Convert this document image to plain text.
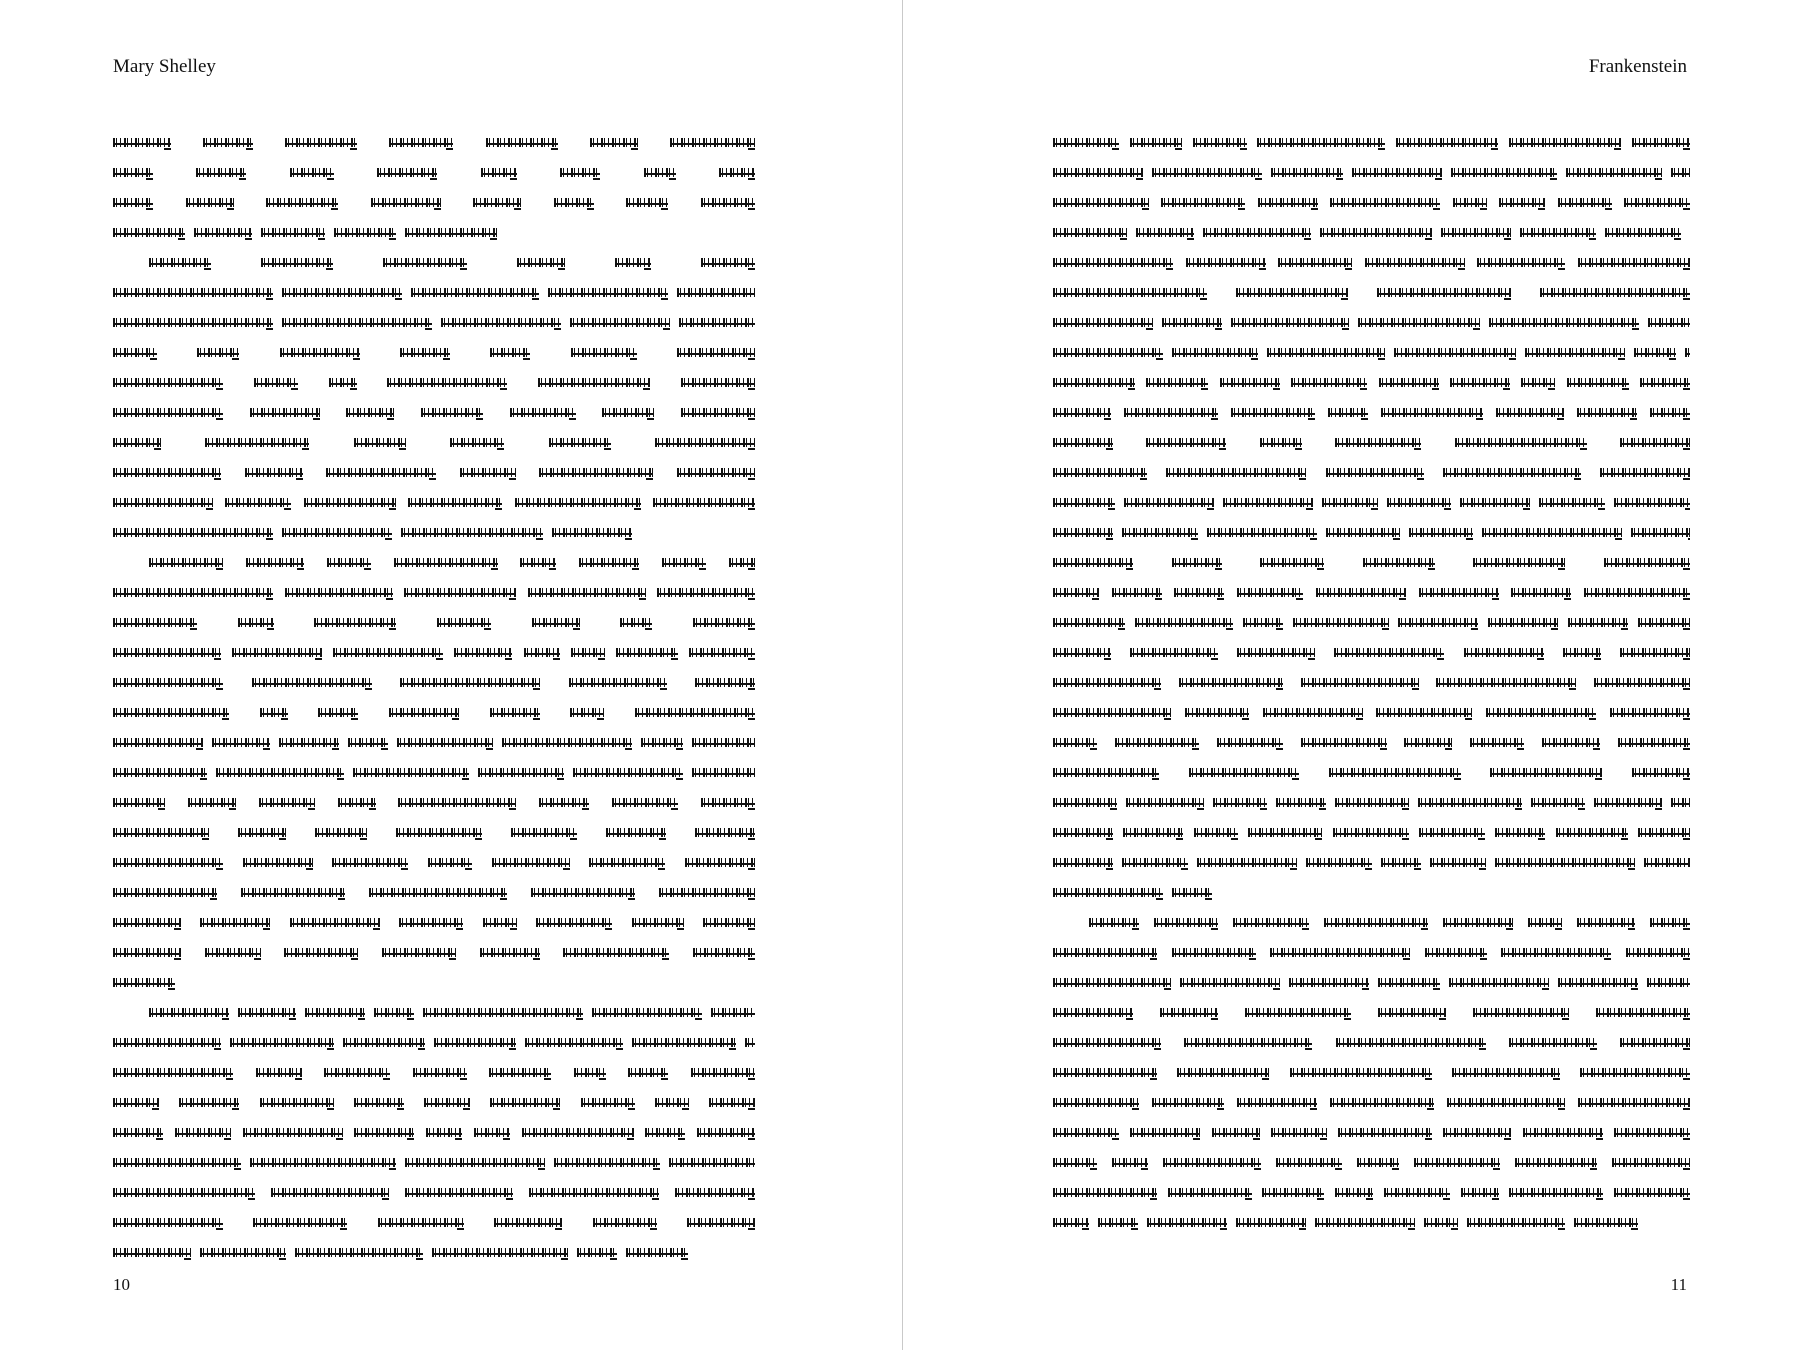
Mary Shelley
10
Frankenstein
11
